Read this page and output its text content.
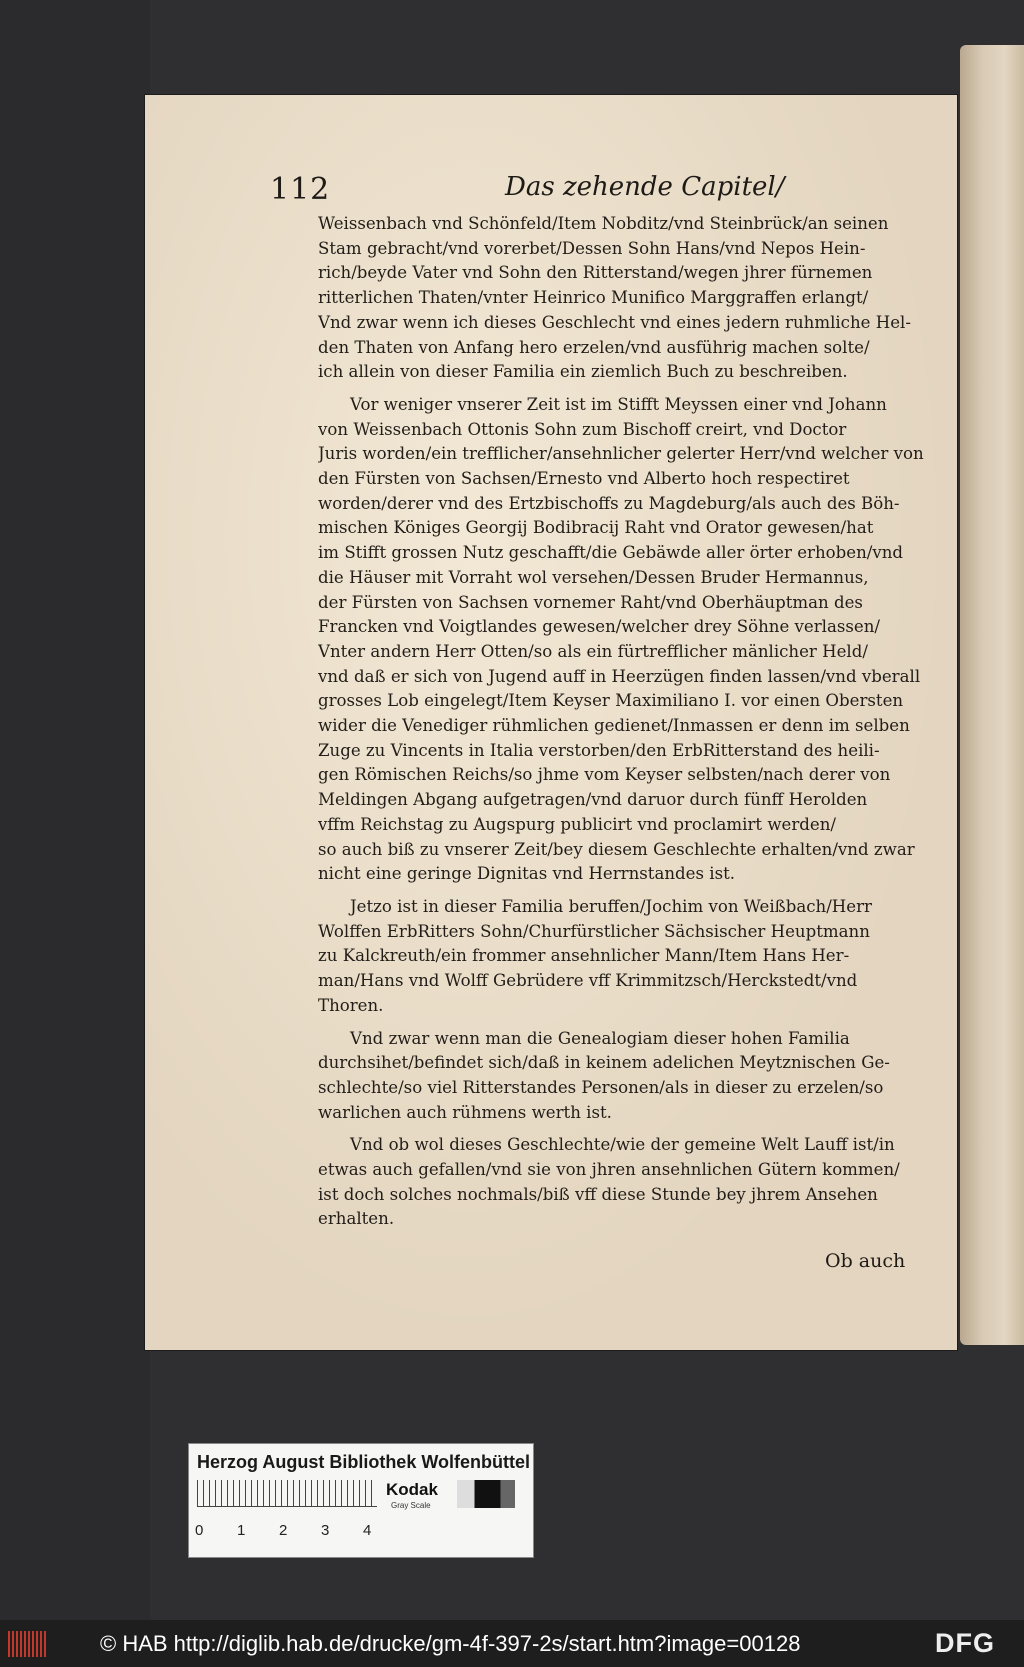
112	Das zehende Capitel/

Weissenbach vnd Schönfeld/Item Nobditz/vnd Steinbrück/an seinen
Stam gebracht/vnd vorerbet/Dessen Sohn Hans/vnd Nepos Hein-
rich/beyde Vater vnd Sohn den Ritterstand/wegen jhrer fürnemen
ritterlichen Thaten/vnter Heinrico Munifico Marggraffen erlangt/
Vnd zwar wenn ich dieses Geschlecht vnd eines jedern ruhmliche Hel-
den Thaten von Anfang hero erzelen/vnd ausführig machen solte/
ich allein von dieser Familia ein ziemlich Buch zu beschreiben.

Vor weniger vnserer Zeit ist im Stifft Meyssen einer vnd Johann
von Weissenbach Ottonis Sohn zum Bischoff creirt, vnd Doctor
Juris worden/ein trefflicher/ansehnlicher gelerter Herr/vnd welcher von
den Fürsten von Sachsen/Ernesto vnd Alberto hoch respectiret
worden/derer vnd des Ertzbischoffs zu Magdeburg/als auch des Böh-
mischen Königes Georgij Bodibracij Raht vnd Orator gewesen/hat
im Stifft grossen Nutz geschafft/die Gebäwde aller örter erhoben/vnd
die Häuser mit Vorraht wol versehen/Dessen Bruder Hermannus,
der Fürsten von Sachsen vornemer Raht/vnd Oberhäuptman des
Francken vnd Voigtlandes gewesen/welcher drey Söhne verlassen/
Vnter andern Herr Otten/so als ein fürtrefflicher mänlicher Held/
vnd daß er sich von Jugend auff in Heerzügen finden lassen/vnd vberall
grosses Lob eingelegt/Item Keyser Maximiliano I. vor einen Obersten
wider die Venediger rühmlichen gedienet/Inmassen er denn im selben
Zuge zu Vincents in Italia verstorben/den ErbRitterstand des heili-
gen Römischen Reichs/so jhme vom Keyser selbsten/nach derer von
Meldingen Abgang aufgetragen/vnd daruor durch fünff Herolden
vffm Reichstag zu Augspurg publicirt vnd proclamirt werden/
so auch biß zu vnserer Zeit/bey diesem Geschlechte erhalten/vnd zwar
nicht eine geringe Dignitas vnd Herrnstandes ist.

Jetzo ist in dieser Familia beruffen/Jochim von Weißbach/Herr
Wolffen ErbRitters Sohn/Churfürstlicher Sächsischer Heuptmann
zu Kalckreuth/ein frommer ansehnlicher Mann/Item Hans Her-
man/Hans vnd Wolff Gebrüdere vff Krimmitzsch/Herckstedt/vnd
Thoren.

Vnd zwar wenn man die Genealogiam dieser hohen Familia
durchsihet/befindet sich/daß in keinem adelichen Meytznischen Ge-
schlechte/so viel Ritterstandes Personen/als in dieser zu erzelen/so
warlichen auch rühmens werth ist.

Vnd ob wol dieses Geschlechte/wie der gemeine Welt Lauff ist/in
etwas auch gefallen/vnd sie von jhren ansehnlichen Gütern kommen/
ist doch solches nochmals/biß vff diese Stunde bey jhrem Ansehen
erhalten.

Ob auch
Herzog August Bibliothek Wolfenbüttel
0 1 2 3 4
Kodak
Gray Scale
© HAB http://diglib.hab.de/drucke/gm-4f-397-2s/start.htm?image=00128	DFG
